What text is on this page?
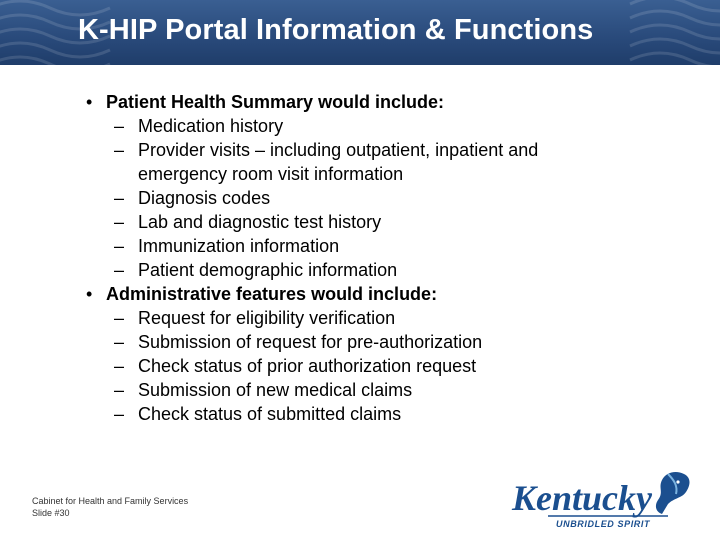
K-HIP Portal Information & Functions
• Patient Health Summary would include:
– Medication history
– Provider visits – including outpatient, inpatient and emergency room visit information
– Diagnosis codes
– Lab and diagnostic test history
– Immunization information
– Patient demographic information
• Administrative features would include:
– Request for eligibility verification
– Submission of request for pre-authorization
– Check status of prior authorization request
– Submission of new medical claims
– Check status of submitted claims
Cabinet for Health and Family Services
Slide #30	Kentucky
UNBRIDLED SPIRIT
